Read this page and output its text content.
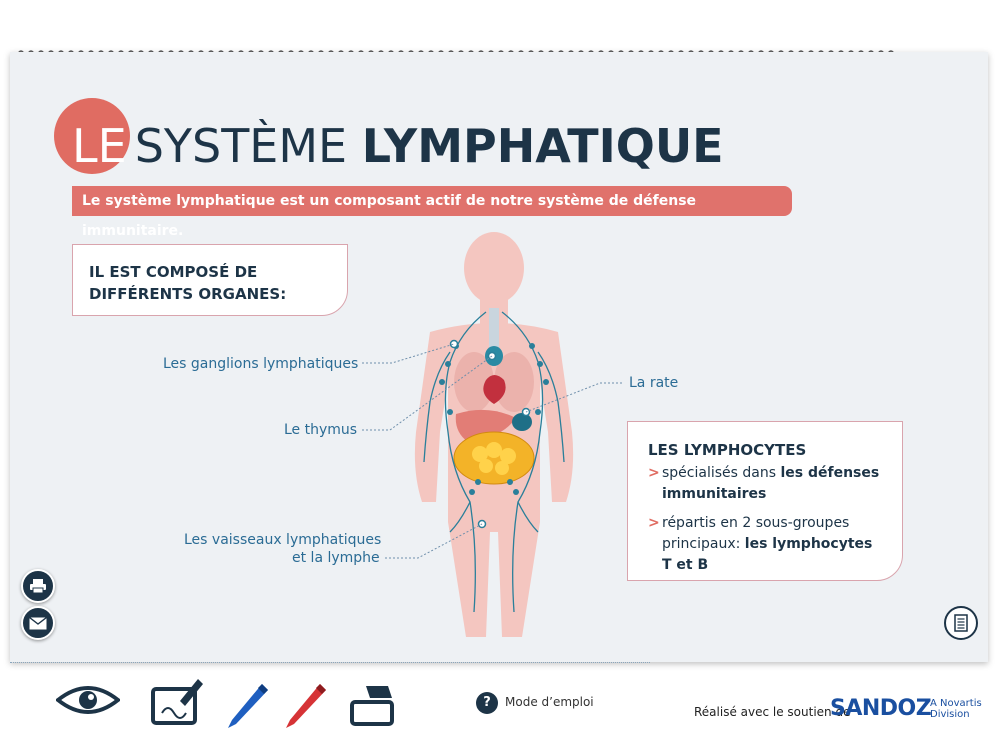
LE SYSTÈME LYMPHATIQUE
Le système lymphatique est un composant actif de notre système de défense immunitaire.
IL EST COMPOSÉ DE
DIFFÉRENTS ORGANES:
Les ganglions lymphatiques
Le thymus
La rate
Les vaisseaux lymphatiques
et la lymphe
LES LYMPHOCYTES
> spécialisés dans les défenses immunitaires
> répartis en 2 sous-groupes principaux: les lymphocytes T et B
?	Mode d’emploi
Réalisé avec le soutien de
SANDOZ
A Novartis
Division
